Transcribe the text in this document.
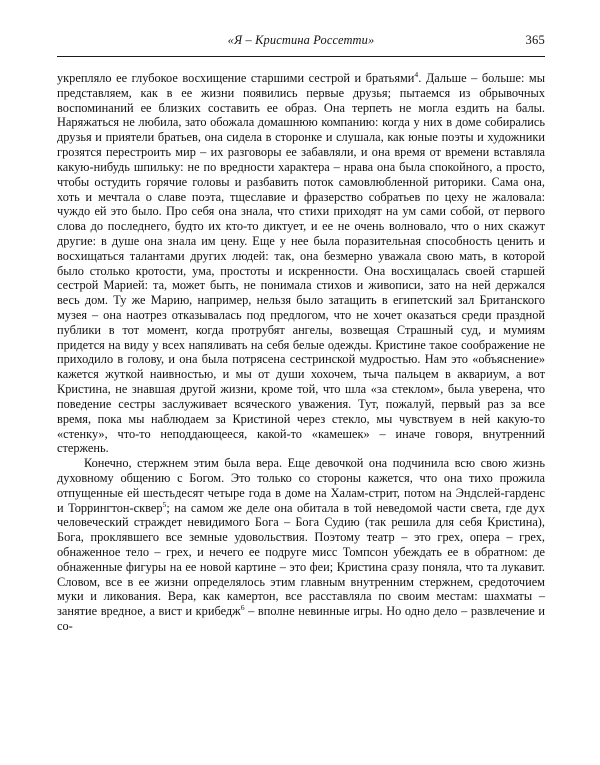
«Я – Кристина Россетти»	365

укрепляло ее глубокое восхищение старшими сестрой и братьями$^4$. Дальше – больше: мы представляем, как в ее жизни появились первые друзья; пытаемся из обрывочных воспоминаний ее близких составить ее образ. Она терпеть не могла ездить на балы. Наряжаться не любила, зато обожала домашнюю компанию: когда у них в доме собирались друзья и приятели братьев, она сидела в сторонке и слушала, как юные поэты и художники грозятся перестроить мир – их разговоры ее забавляли, и она время от времени вставляла какую-нибудь шпильку: не по вредности характера – нрава она была спокойного, а просто, чтобы остудить горячие головы и разбавить поток самовлюбленной риторики. Сама она, хоть и мечтала о славе поэта, тщеславие и фразерство собратьев по цеху не жаловала: чуждо ей это было. Про себя она знала, что стихи приходят на ум сами собой, от первого слова до последнего, будто их кто-то диктует, и ее не очень волновало, что о них скажут другие: в душе она знала им цену. Еще у нее была поразительная способность ценить и восхищаться талантами других людей: так, она безмерно уважала свою мать, в которой было столько кротости, ума, простоты и искренности. Она восхищалась своей старшей сестрой Марией: та, может быть, не понимала стихов и живописи, зато на ней держался весь дом. Ту же Марию, например, нельзя было затащить в египетский зал Британского музея – она наотрез отказывалась под предлогом, что не хочет оказаться среди праздной публики в тот момент, когда протрубят ангелы, возвещая Страшный суд, и мумиям придется на виду у всех напяливать на себя белые одежды. Кристине такое соображение не приходило в голову, и она была потрясена сестринской мудростью. Нам это «объяснение» кажется жуткой наивностью, и мы от души хохочем, тыча пальцем в аквариум, а вот Кристина, не знавшая другой жизни, кроме той, что шла «за стеклом», была уверена, что поведение сестры заслуживает всяческого уважения. Тут, пожалуй, первый раз за все время, пока мы наблюдаем за Кристиной через стекло, мы чувствуем в ней какую-то «стенку», что-то неподдающееся, какой-то «камешек» – иначе говоря, внутренний стержень.

Конечно, стержнем этим была вера. Еще девочкой она подчинила всю свою жизнь духовному общению с Богом. Это только со стороны кажется, что она тихо прожила отпущенные ей шестьдесят четыре года в доме на Халам-стрит, потом на Эндслей-гарденс и Торрингтон-сквер$^5$; на самом же деле она обитала в той неведомой части света, где дух человеческий страждет невидимого Бога – Бога Судию (так решила для себя Кристина), Бога, проклявшего все земные удовольствия. Поэтому театр – это грех, опера – грех, обнаженное тело – грех, и нечего ее подруге мисс Томпсон убеждать ее в обратном: де обнаженные фигуры на ее новой картине – это феи; Кристина сразу поняла, что та лукавит. Словом, все в ее жизни определялось этим главным внутренним стержнем, средоточием муки и ликования. Вера, как камертон, все расставляла по своим местам: шахматы – занятие вредное, а вист и крибедж$^6$ – вполне невинные игры. Но одно дело – развлечение и со-
